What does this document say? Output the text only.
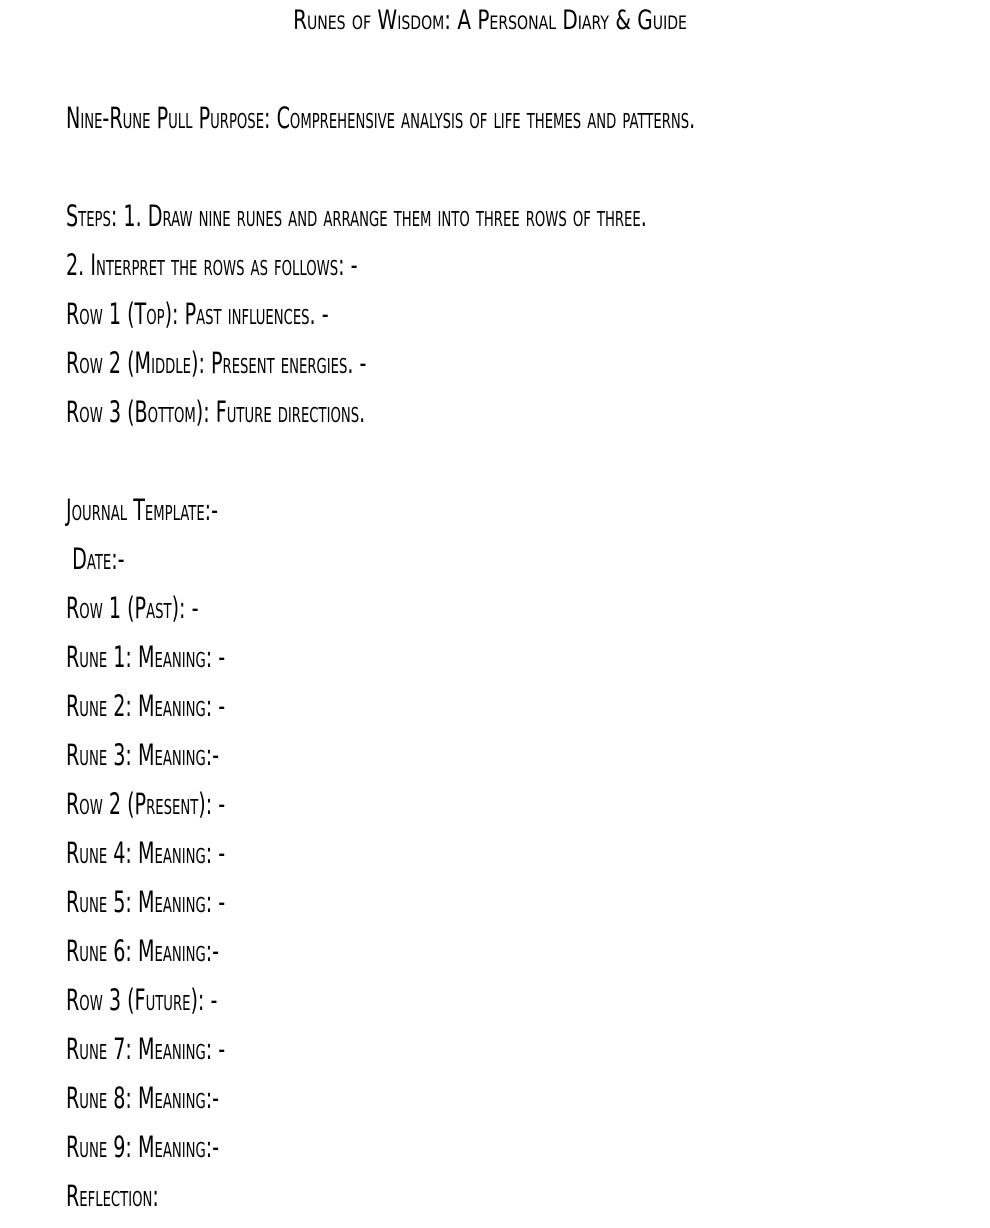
Runes of Wisdom: A Personal Diary & Guide
Nine-Rune Pull Purpose: Comprehensive analysis of life themes and patterns.
Steps: 1. Draw nine runes and arrange them into three rows of three.
2. Interpret the rows as follows: -
Row 1 (Top): Past influences. -
Row 2 (Middle): Present energies. -
Row 3 (Bottom): Future directions.
Journal Template:-
Date:-
Row 1 (Past): -
Rune 1: Meaning: -
Rune 2: Meaning: -
Rune 3: Meaning:-
Row 2 (Present): -
Rune 4: Meaning: -
Rune 5: Meaning: -
Rune 6: Meaning:-
Row 3 (Future): -
Rune 7: Meaning: -
Rune 8: Meaning:-
Rune 9: Meaning:-
Reflection:
